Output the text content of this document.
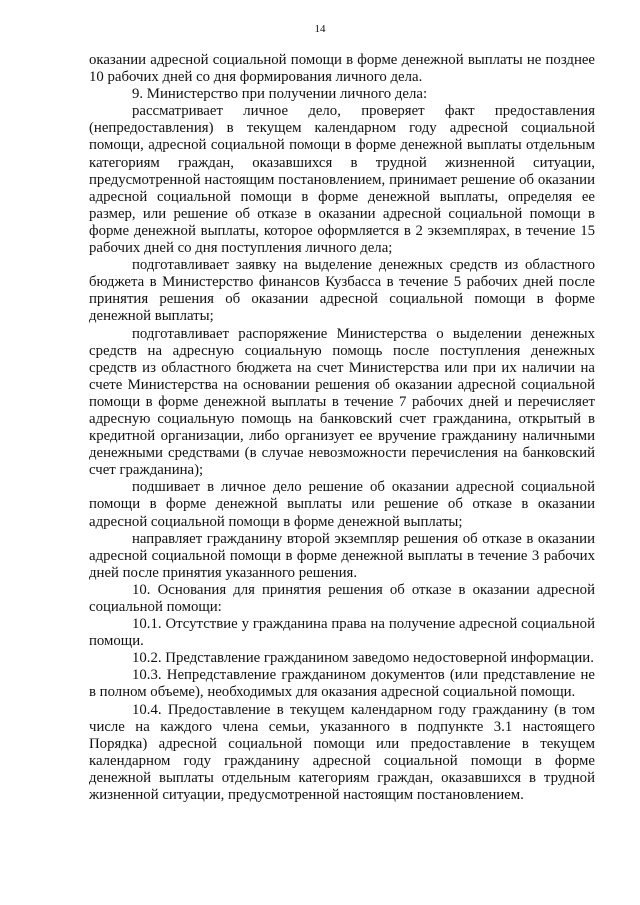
14

оказании адресной социальной помощи в форме денежной выплаты не позднее 10 рабочих дней со дня формирования личного дела.

9. Министерство при получении личного дела:

рассматривает личное дело, проверяет факт предоставления (непредоставления) в текущем календарном году адресной социальной помощи, адресной социальной помощи в форме денежной выплаты отдельным категориям граждан, оказавшихся в трудной жизненной ситуации, предусмотренной настоящим постановлением, принимает решение об оказании адресной социальной помощи в форме денежной выплаты, определяя ее размер, или решение об отказе в оказании адресной социальной помощи в форме денежной выплаты, которое оформляется в 2 экземплярах, в течение 15 рабочих дней со дня поступления личного дела;

подготавливает заявку на выделение денежных средств из областного бюджета в Министерство финансов Кузбасса в течение 5 рабочих дней после принятия решения об оказании адресной социальной помощи в форме денежной выплаты;

подготавливает распоряжение Министерства о выделении денежных средств на адресную социальную помощь после поступления денежных средств из областного бюджета на счет Министерства или при их наличии на счете Министерства на основании решения об оказании адресной социальной помощи в форме денежной выплаты в течение 7 рабочих дней и перечисляет адресную социальную помощь на банковский счет гражданина, открытый в кредитной организации, либо организует ее вручение гражданину наличными денежными средствами (в случае невозможности перечисления на банковский счет гражданина);

подшивает в личное дело решение об оказании адресной социальной помощи в форме денежной выплаты или решение об отказе в оказании адресной социальной помощи в форме денежной выплаты;

направляет гражданину второй экземпляр решения об отказе в оказании адресной социальной помощи в форме денежной выплаты в течение 3 рабочих дней после принятия указанного решения.

10. Основания для принятия решения об отказе в оказании адресной социальной помощи:

10.1. Отсутствие у гражданина права на получение адресной социальной помощи.

10.2. Представление гражданином заведомо недостоверной информации.

10.3. Непредставление гражданином документов (или представление не в полном объеме), необходимых для оказания адресной социальной помощи.

10.4. Предоставление в текущем календарном году гражданину (в том числе на каждого члена семьи, указанного в подпункте 3.1 настоящего Порядка) адресной социальной помощи или предоставление в текущем календарном году гражданину адресной социальной помощи в форме денежной выплаты отдельным категориям граждан, оказавшихся в трудной жизненной ситуации, предусмотренной настоящим постановлением.
